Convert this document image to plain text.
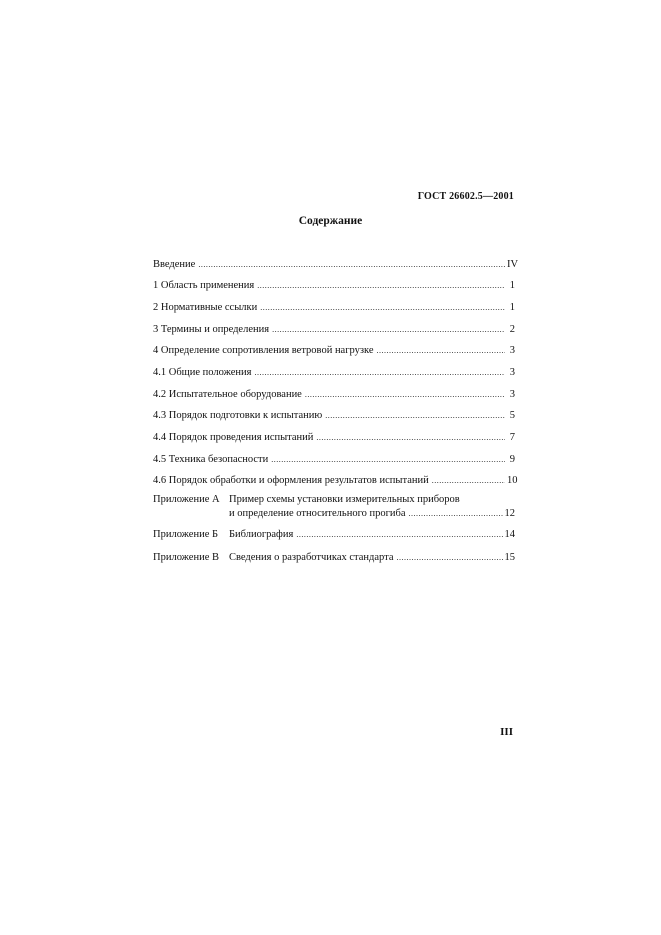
ГОСТ 26602.5—2001
Содержание
Введение .....	IV
1 Область применения .....	1
2 Нормативные ссылки .....	1
3 Термины и определения .....	2
4 Определение сопротивления ветровой нагрузке .....	3
4.1 Общие положения .....	3
4.2 Испытательное оборудование .....	3
4.3 Порядок подготовки к испытанию .....	5
4.4 Порядок проведения испытаний .....	7
4.5 Техника безопасности .....	9
4.6 Порядок обработки и оформления результатов испытаний .....	10
Приложение А Пример схемы установки измерительных приборов
и определение относительного прогиба .....	12
Приложение Б Библиография .....	14
Приложение В Сведения о разработчиках стандарта .....	15
III
